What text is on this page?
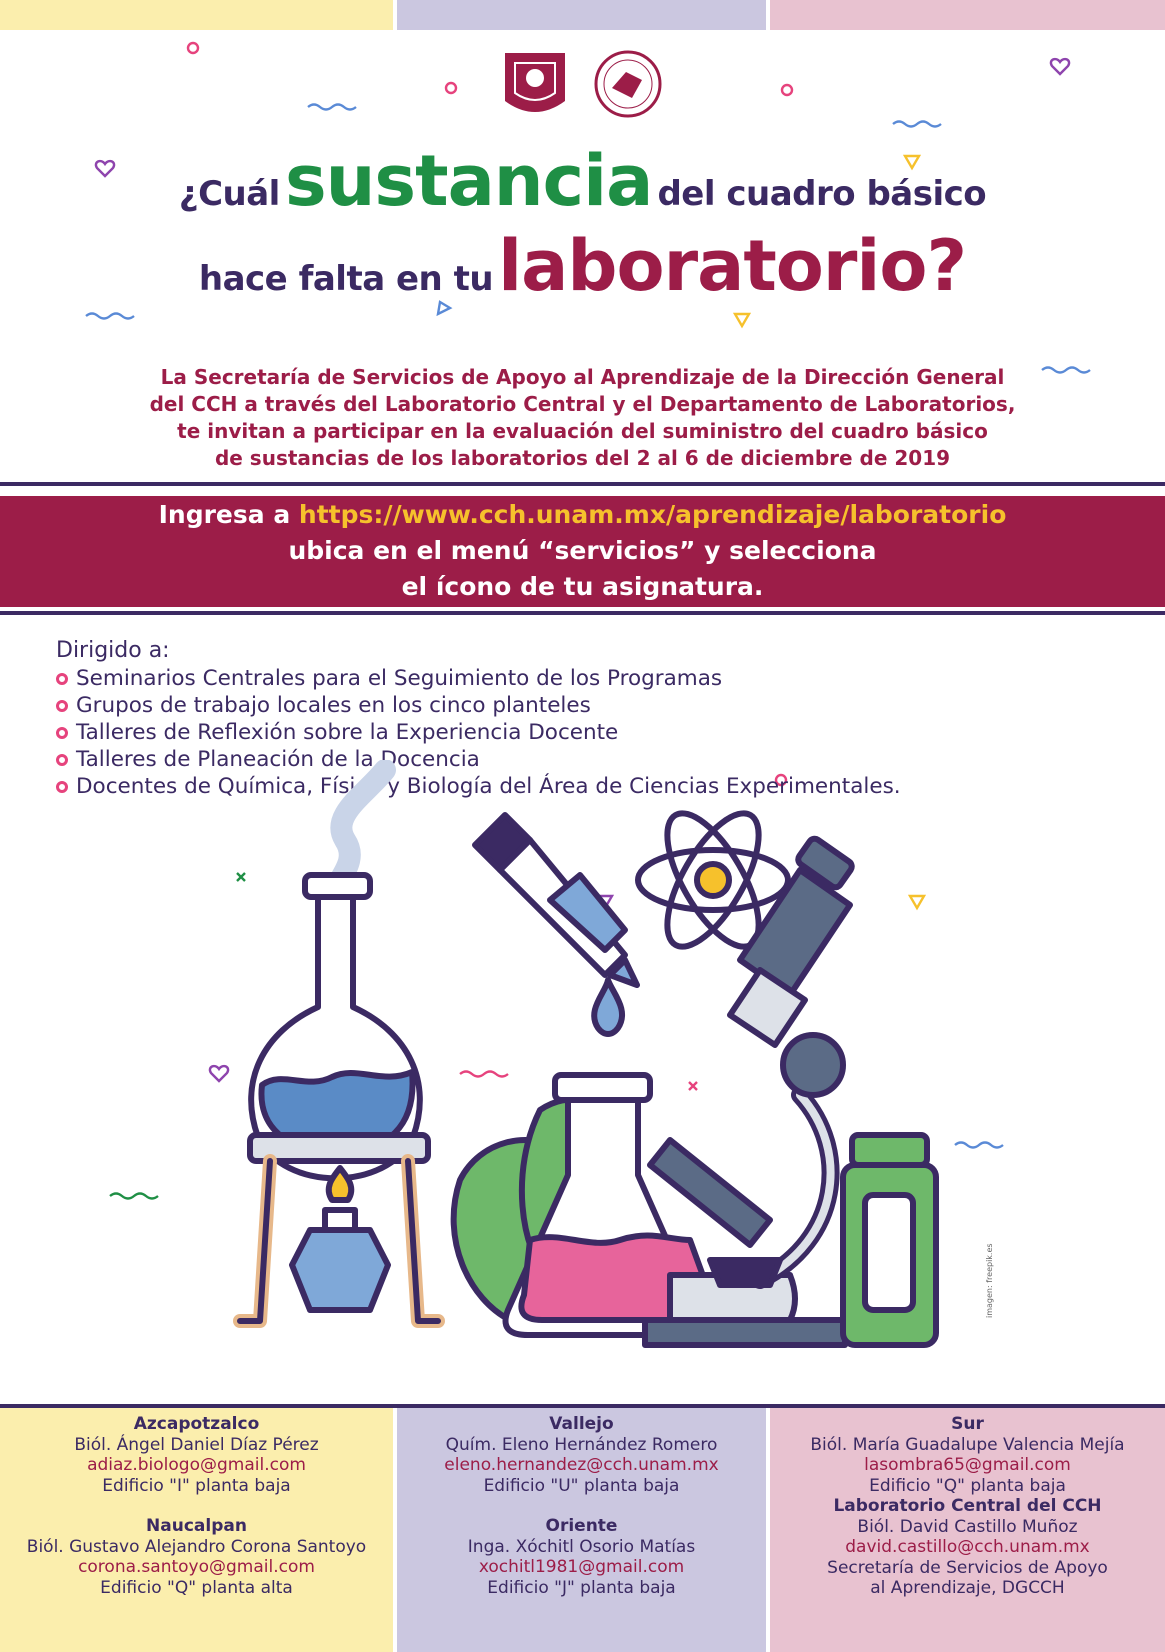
¿Cuál sustancia del cuadro básico
hace falta en tu laboratorio?
La Secretaría de Servicios de Apoyo al Aprendizaje de la Dirección General
del CCH a través del Laboratorio Central y el Departamento de Laboratorios,
te invitan a participar en la evaluación del suministro del cuadro básico
de sustancias de los laboratorios del 2 al 6 de diciembre de 2019
Ingresa a https://www.cch.unam.mx/aprendizaje/laboratorio
ubica en el menú “servicios” y selecciona
el ícono de tu asignatura.
Dirigido a:
Seminarios Centrales para el Seguimiento de los Programas
Grupos de trabajo locales en los cinco planteles
Talleres de Reflexión sobre la Experiencia Docente
Talleres de Planeación de la Docencia
Docentes de Química, Física y Biología del Área de Ciencias Experimentales.
imagen: freepik.es
Azcapotzalco
Biól. Ángel Daniel Díaz Pérez
adiaz.biologo@gmail.com
Edificio "I" planta baja
Naucalpan
Biól. Gustavo Alejandro Corona Santoyo
corona.santoyo@gmail.com
Edificio "Q" planta alta
Vallejo
Quím. Eleno Hernández Romero
eleno.hernandez@cch.unam.mx
Edificio "U" planta baja
Oriente
Inga. Xóchitl Osorio Matías
xochitl1981@gmail.com
Edificio "J" planta baja
Sur
Biól. María Guadalupe Valencia Mejía
lasombra65@gmail.com
Edificio "Q" planta baja
Laboratorio Central del CCH
Biól. David Castillo Muñoz
david.castillo@cch.unam.mx
Secretaría de Servicios de Apoyo
al Aprendizaje, DGCCH
